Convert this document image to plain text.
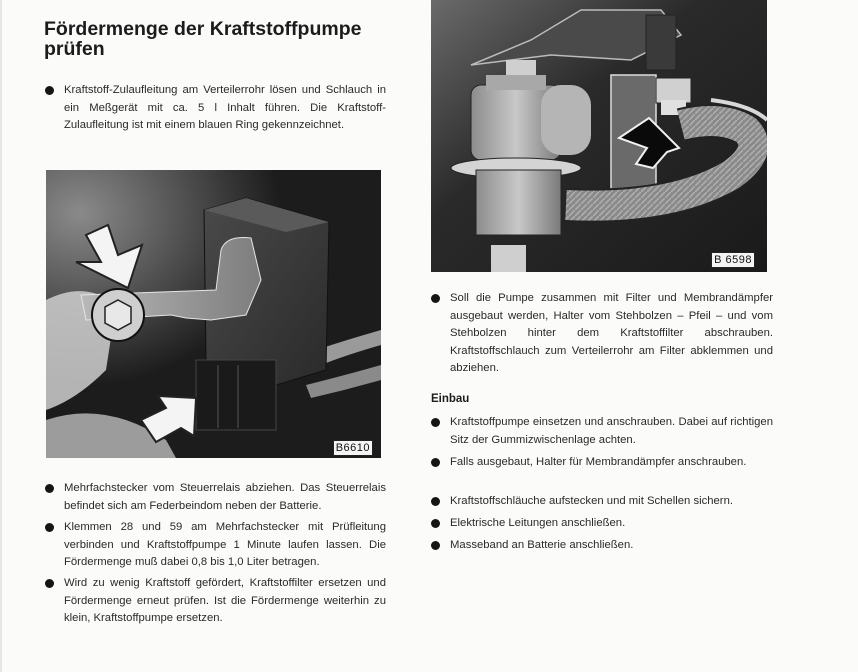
Fördermenge der Kraftstoffpumpe
prüfen

Kraftstoff-Zulaufleitung am Verteilerrohr lösen und Schlauch in ein Meßgerät mit ca. 5 l Inhalt führen. Die Kraftstoff-Zulaufleitung ist mit einem blauen Ring gekennzeichnet.

B6610

Mehrfachstecker vom Steuerrelais abziehen. Das Steuerrelais befindet sich am Federbeindom neben der Batterie.

Klemmen 28 und 59 am Mehrfachstecker mit Prüfleitung verbinden und Kraftstoffpumpe 1 Minute laufen lassen. Die Fördermenge muß dabei 0,8 bis 1,0 Liter betragen.

Wird zu wenig Kraftstoff gefördert, Kraftstoffilter ersetzen und Fördermenge erneut prüfen. Ist die Fördermenge weiterhin zu klein, Kraftstoffpumpe ersetzen.

B 6598

Soll die Pumpe zusammen mit Filter und Membrandämpfer ausgebaut werden, Halter vom Stehbolzen – Pfeil – und vom Stehbolzen hinter dem Kraftstoffilter abschrauben. Kraftstoffschlauch zum Verteilerrohr am Filter abklemmen und abziehen.

Einbau

Kraftstoffpumpe einsetzen und anschrauben. Dabei auf richtigen Sitz der Gummizwischenlage achten.

Falls ausgebaut, Halter für Membrandämpfer anschrauben.

Kraftstoffschläuche aufstecken und mit Schellen sichern.

Elektrische Leitungen anschließen.

Masseband an Batterie anschließen.
